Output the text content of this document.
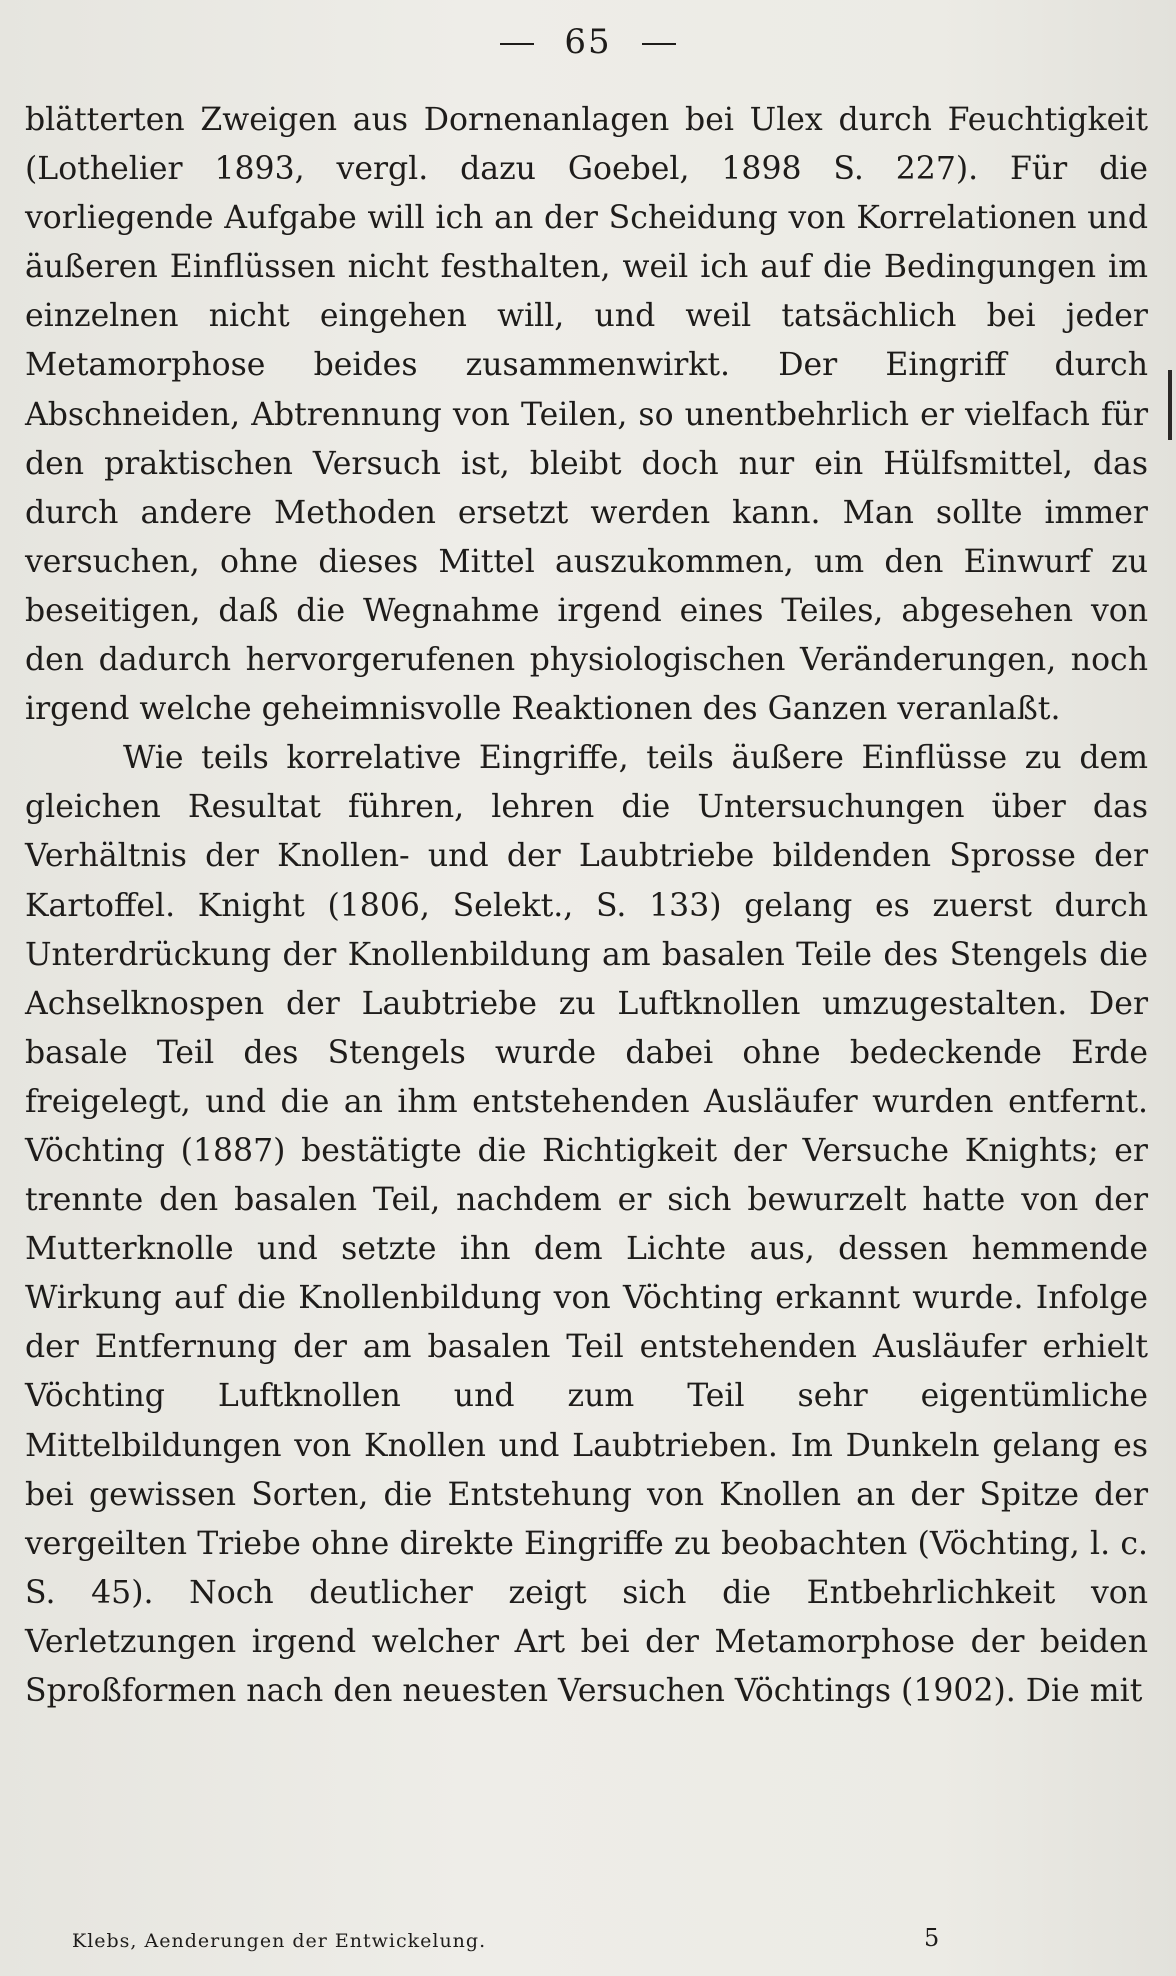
65

blätterten Zweigen aus Dornenanlagen bei Ulex durch Feuchtigkeit (Lothelier 1893, vergl. dazu Goebel, 1898 S. 227). Für die vorliegende Aufgabe will ich an der Scheidung von Korrelationen und äußeren Einflüssen nicht festhalten, weil ich auf die Bedingungen im einzelnen nicht eingehen will, und weil tatsächlich bei jeder Metamorphose beides zusammenwirkt. Der Eingriff durch Abschneiden, Abtrennung von Teilen, so unentbehrlich er vielfach für den praktischen Versuch ist, bleibt doch nur ein Hülfsmittel, das durch andere Methoden ersetzt werden kann. Man sollte immer versuchen, ohne dieses Mittel auszukommen, um den Einwurf zu beseitigen, daß die Wegnahme irgend eines Teiles, abgesehen von den dadurch hervorgerufenen physiologischen Veränderungen, noch irgend welche geheimnisvolle Reaktionen des Ganzen veranlaßt.

Wie teils korrelative Eingriffe, teils äußere Einflüsse zu dem gleichen Resultat führen, lehren die Untersuchungen über das Verhältnis der Knollen- und der Laubtriebe bildenden Sprosse der Kartoffel. Knight (1806, Selekt., S. 133) gelang es zuerst durch Unterdrückung der Knollenbildung am basalen Teile des Stengels die Achselknospen der Laubtriebe zu Luftknollen umzugestalten. Der basale Teil des Stengels wurde dabei ohne bedeckende Erde freigelegt, und die an ihm entstehenden Ausläufer wurden entfernt. Vöchting (1887) bestätigte die Richtigkeit der Versuche Knights; er trennte den basalen Teil, nachdem er sich bewurzelt hatte von der Mutterknolle und setzte ihn dem Lichte aus, dessen hemmende Wirkung auf die Knollenbildung von Vöchting erkannt wurde. Infolge der Entfernung der am basalen Teil entstehenden Ausläufer erhielt Vöchting Luftknollen und zum Teil sehr eigentümliche Mittelbildungen von Knollen und Laubtrieben. Im Dunkeln gelang es bei gewissen Sorten, die Entstehung von Knollen an der Spitze der vergeilten Triebe ohne direkte Eingriffe zu beobachten (Vöchting, l. c. S. 45). Noch deutlicher zeigt sich die Entbehrlichkeit von Verletzungen irgend welcher Art bei der Metamorphose der beiden Sproßformen nach den neuesten Versuchen Vöchtings (1902). Die mit

Klebs, Aenderungen der Entwickelung.	5
